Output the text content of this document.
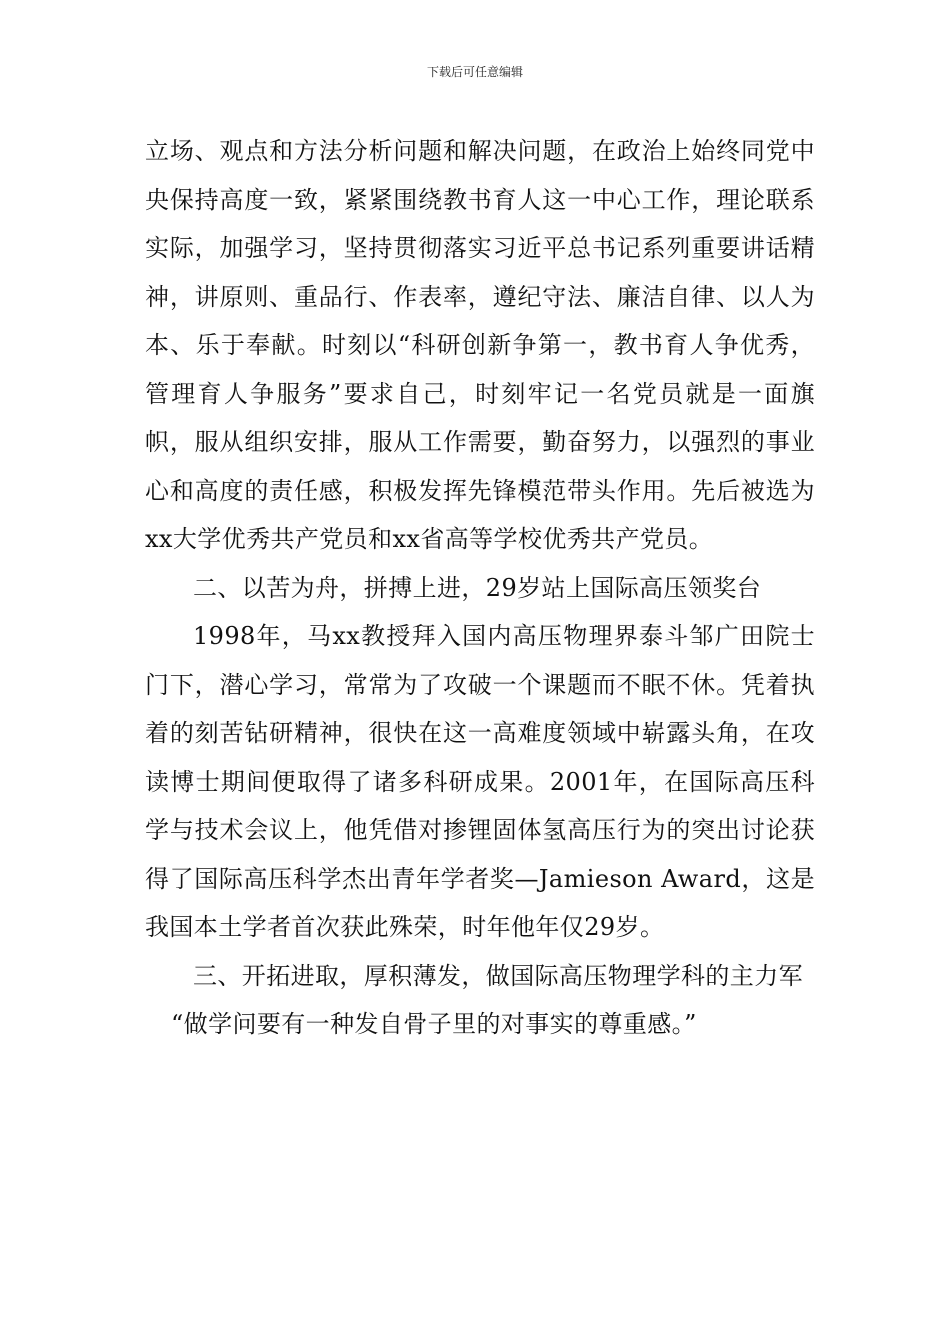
下载后可任意编辑

立场、观点和方法分析问题和解决问题，在政治上始终同党中央保持高度一致，紧紧围绕教书育人这一中心工作，理论联系实际，加强学习，坚持贯彻落实习近平总书记系列重要讲话精神，讲原则、重品行、作表率，遵纪守法、廉洁自律、以人为本、乐于奉献。时刻以“科研创新争第一，教书育人争优秀，管理育人争服务”要求自己，时刻牢记一名党员就是一面旗帜，服从组织安排，服从工作需要，勤奋努力，以强烈的事业心和高度的责任感，积极发挥先锋模范带头作用。先后被选为xx大学优秀共产党员和xx省高等学校优秀共产党员。

二、以苦为舟，拼搏上进，29岁站上国际高压领奖台

1998年，马xx教授拜入国内高压物理界泰斗邹广田院士门下，潜心学习，常常为了攻破一个课题而不眠不休。凭着执着的刻苦钻研精神，很快在这一高难度领域中崭露头角，在攻读博士期间便取得了诸多科研成果。2001年，在国际高压科学与技术会议上，他凭借对掺锂固体氢高压行为的突出讨论获得了国际高压科学杰出青年学者奖—Jamieson Award，这是我国本土学者首次获此殊荣，时年他年仅29岁。

三、开拓进取，厚积薄发，做国际高压物理学科的主力军

“做学问要有一种发自骨子里的对事实的尊重感。”
